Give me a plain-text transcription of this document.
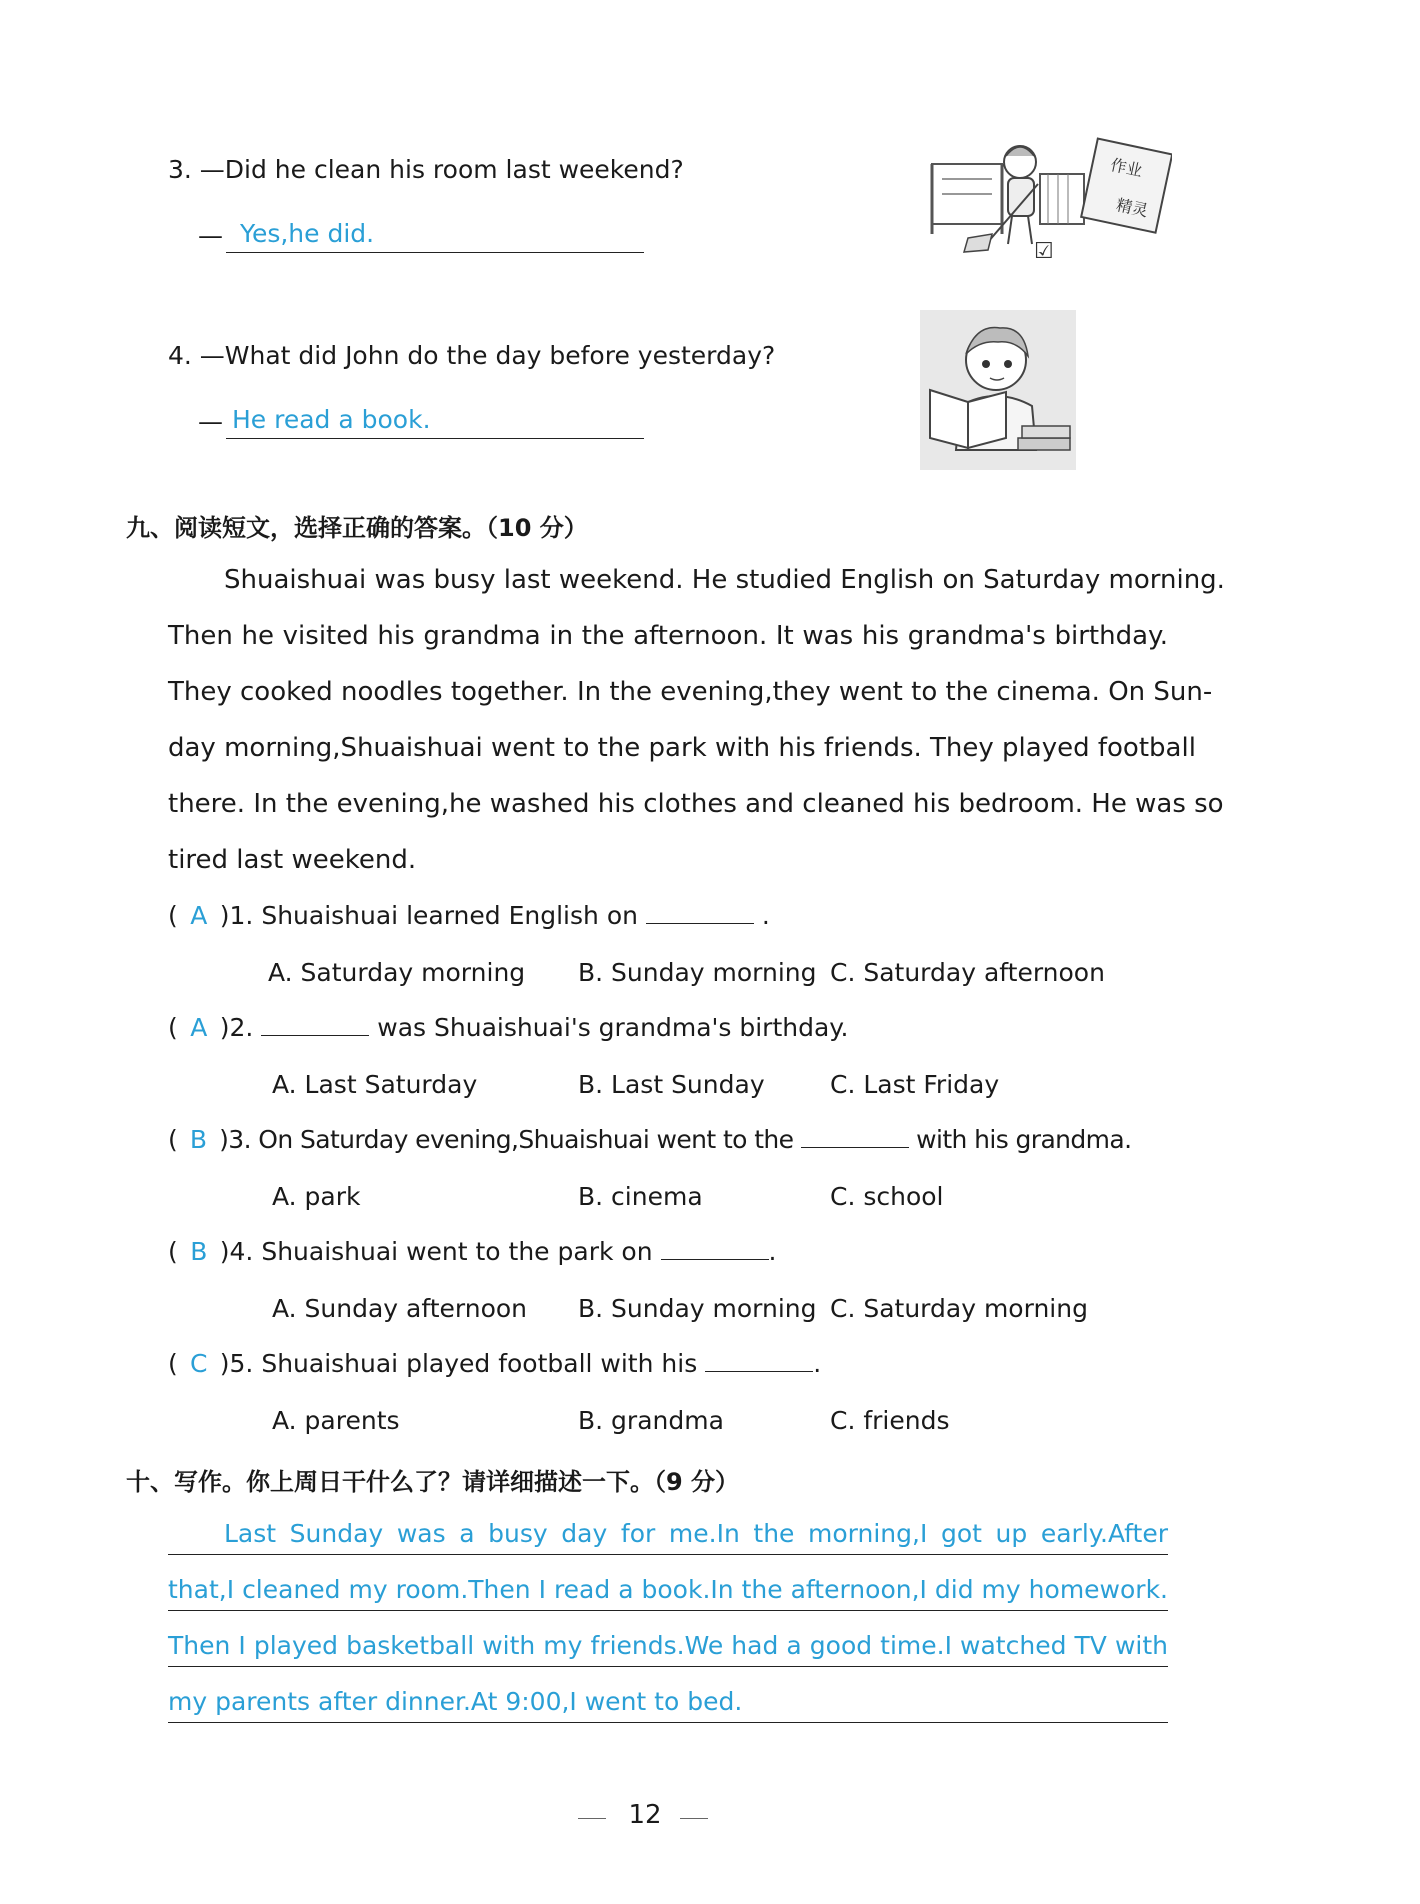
3. —Did he clean his room last weekend?
— Yes,he did.
作业
精灵
☑
4. —What did John do the day before yesterday?
— He read a book.
九、阅读短文，选择正确的答案。（10 分）
Shuaishuai was busy last weekend. He studied English on Saturday morning.
Then he visited his grandma in the afternoon. It was his grandma's birthday.
They cooked noodles together. In the evening,they went to the cinema. On Sun-
day morning,Shuaishuai went to the park with his friends. They played football
there. In the evening,he washed his clothes and cleaned his bedroom. He was so
tired last weekend.
( A )1. Shuaishuai learned English on	.
A. Saturday morning B. Sunday morning C. Saturday afternoon
( A )2.	was Shuaishuai's grandma's birthday.
A. Last Saturday	B. Last Sunday	C. Last Friday
( B )3. On Saturday evening,Shuaishuai went to the	with his grandma.
A. park	B. cinema	C. school
( B )4. Shuaishuai went to the park on	.
A. Sunday afternoon B. Sunday morning C. Saturday morning
( C )5. Shuaishuai played football with his	.
A. parents	B. grandma	C. friends
十、写作。你上周日干什么了？请详细描述一下。（9 分）
Last Sunday was a busy day for me.In the morning,I got up early.After
that,I cleaned my room.Then I read a book.In the afternoon,I did my homework.
Then I played basketball with my friends.We had a good time.I watched TV with
my parents after dinner.At 9:00,I went to bed.
12
